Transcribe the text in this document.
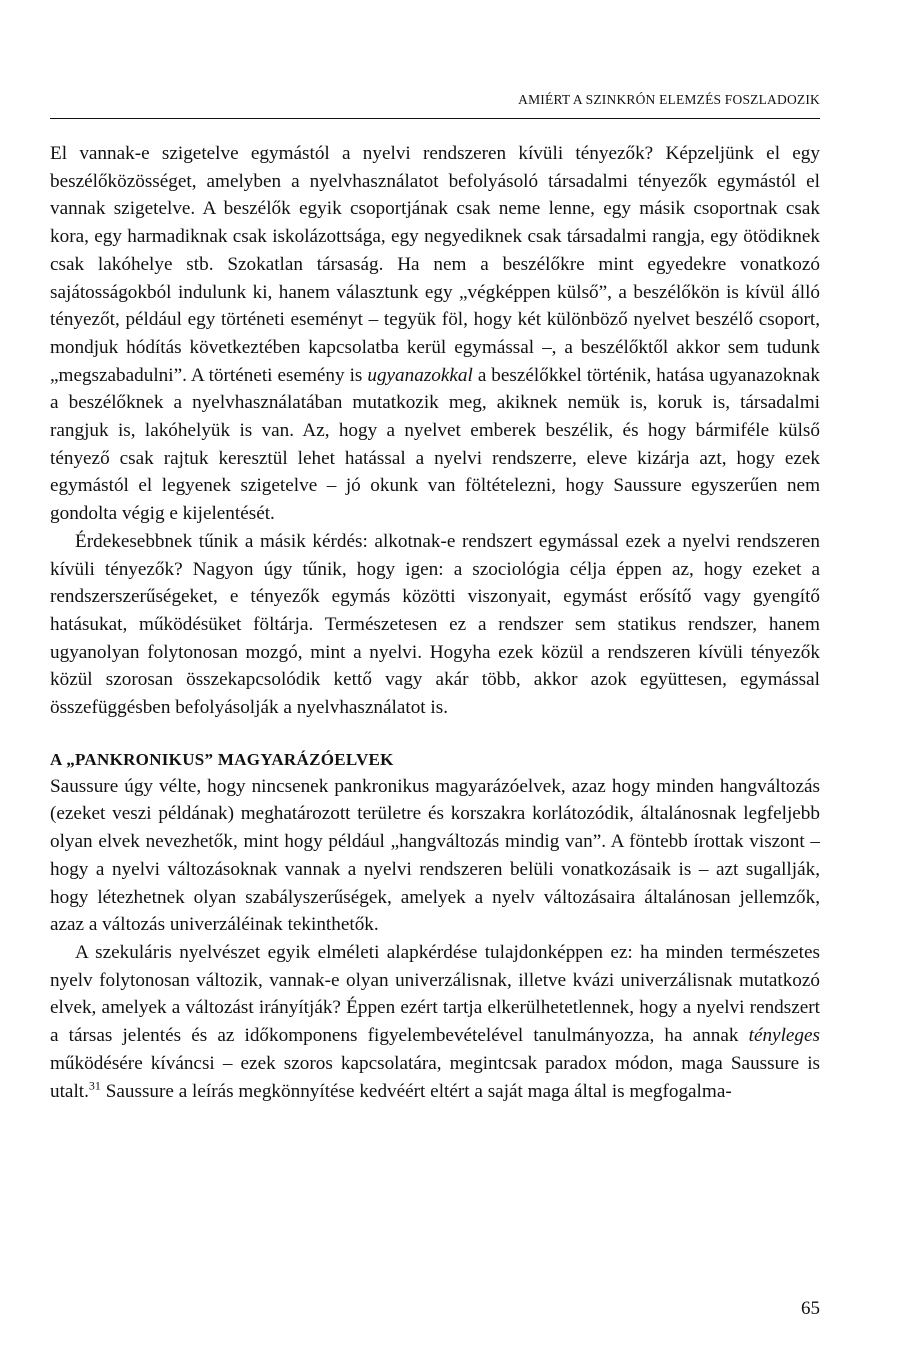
AMIÉRT A SZINKRÓN ELEMZÉS FOSZLADOZIK

El vannak-e szigetelve egymástól a nyelvi rendszeren kívüli tényezők? Képzeljünk el egy beszélőközösséget, amelyben a nyelvhasználatot befolyásoló társadalmi tényezők egymástól el vannak szigetelve. A beszélők egyik csoportjának csak neme lenne, egy másik csoportnak csak kora, egy harmadiknak csak iskolázottsága, egy negyediknek csak társadalmi rangja, egy ötödiknek csak lakóhelye stb. Szokatlan társaság. Ha nem a beszélőkre mint egyedekre vonatkozó sajátosságokból indulunk ki, hanem választunk egy „végképpen külső”, a beszélőkön is kívül álló tényezőt, például egy történeti eseményt – tegyük föl, hogy két különböző nyelvet beszélő csoport, mondjuk hódítás következtében kapcsolatba kerül egymással –, a beszélőktől akkor sem tudunk „megszabadulni”. A történeti esemény is ugyanazokkal a beszélőkkel történik, hatása ugyanazoknak a beszélőknek a nyelvhasználatában mutatkozik meg, akiknek nemük is, koruk is, társadalmi rangjuk is, lakóhelyük is van. Az, hogy a nyelvet emberek beszélik, és hogy bármiféle külső tényező csak rajtuk keresztül lehet hatással a nyelvi rendszerre, eleve kizárja azt, hogy ezek egymástól el legyenek szigetelve – jó okunk van föltételezni, hogy Saussure egyszerűen nem gondolta végig e kijelentését.

Érdekesebbnek tűnik a másik kérdés: alkotnak-e rendszert egymással ezek a nyelvi rendszeren kívüli tényezők? Nagyon úgy tűnik, hogy igen: a szociológia célja éppen az, hogy ezeket a rendszerszerűségeket, e tényezők egymás közötti viszonyait, egymást erősítő vagy gyengítő hatásukat, működésüket föltárja. Természetesen ez a rendszer sem statikus rendszer, hanem ugyanolyan folytonosan mozgó, mint a nyelvi. Hogyha ezek közül a rendszeren kívüli tényezők közül szorosan összekapcsolódik kettő vagy akár több, akkor azok együttesen, egymással összefüggésben befolyásolják a nyelvhasználatot is.

A „PANKRONIKUS” MAGYARÁZÓELVEK

Saussure úgy vélte, hogy nincsenek pankronikus magyarázóelvek, azaz hogy minden hangváltozás (ezeket veszi példának) meghatározott területre és korszakra korlátozódik, általánosnak legfeljebb olyan elvek nevezhetők, mint hogy például „hangváltozás mindig van”. A föntebb írottak viszont – hogy a nyelvi változásoknak vannak a nyelvi rendszeren belüli vonatkozásaik is – azt sugallják, hogy létezhetnek olyan szabályszerűségek, amelyek a nyelv változásaira általánosan jellemzők, azaz a változás univerzáléinak tekinthetők.

A szekuláris nyelvészet egyik elméleti alapkérdése tulajdonképpen ez: ha minden természetes nyelv folytonosan változik, vannak-e olyan univerzálisnak, illetve kvázi univerzálisnak mutatkozó elvek, amelyek a változást irányítják? Éppen ezért tartja elkerülhetetlennek, hogy a nyelvi rendszert a társas jelentés és az időkomponens figyelembevételével tanulmányozza, ha annak tényleges működésére kíváncsi – ezek szoros kapcsolatára, megintcsak paradox módon, maga Saussure is utalt.$^{31}$ Saussure a leírás megkönnyítése kedvéért eltért a saját maga által is megfogalma-

65
